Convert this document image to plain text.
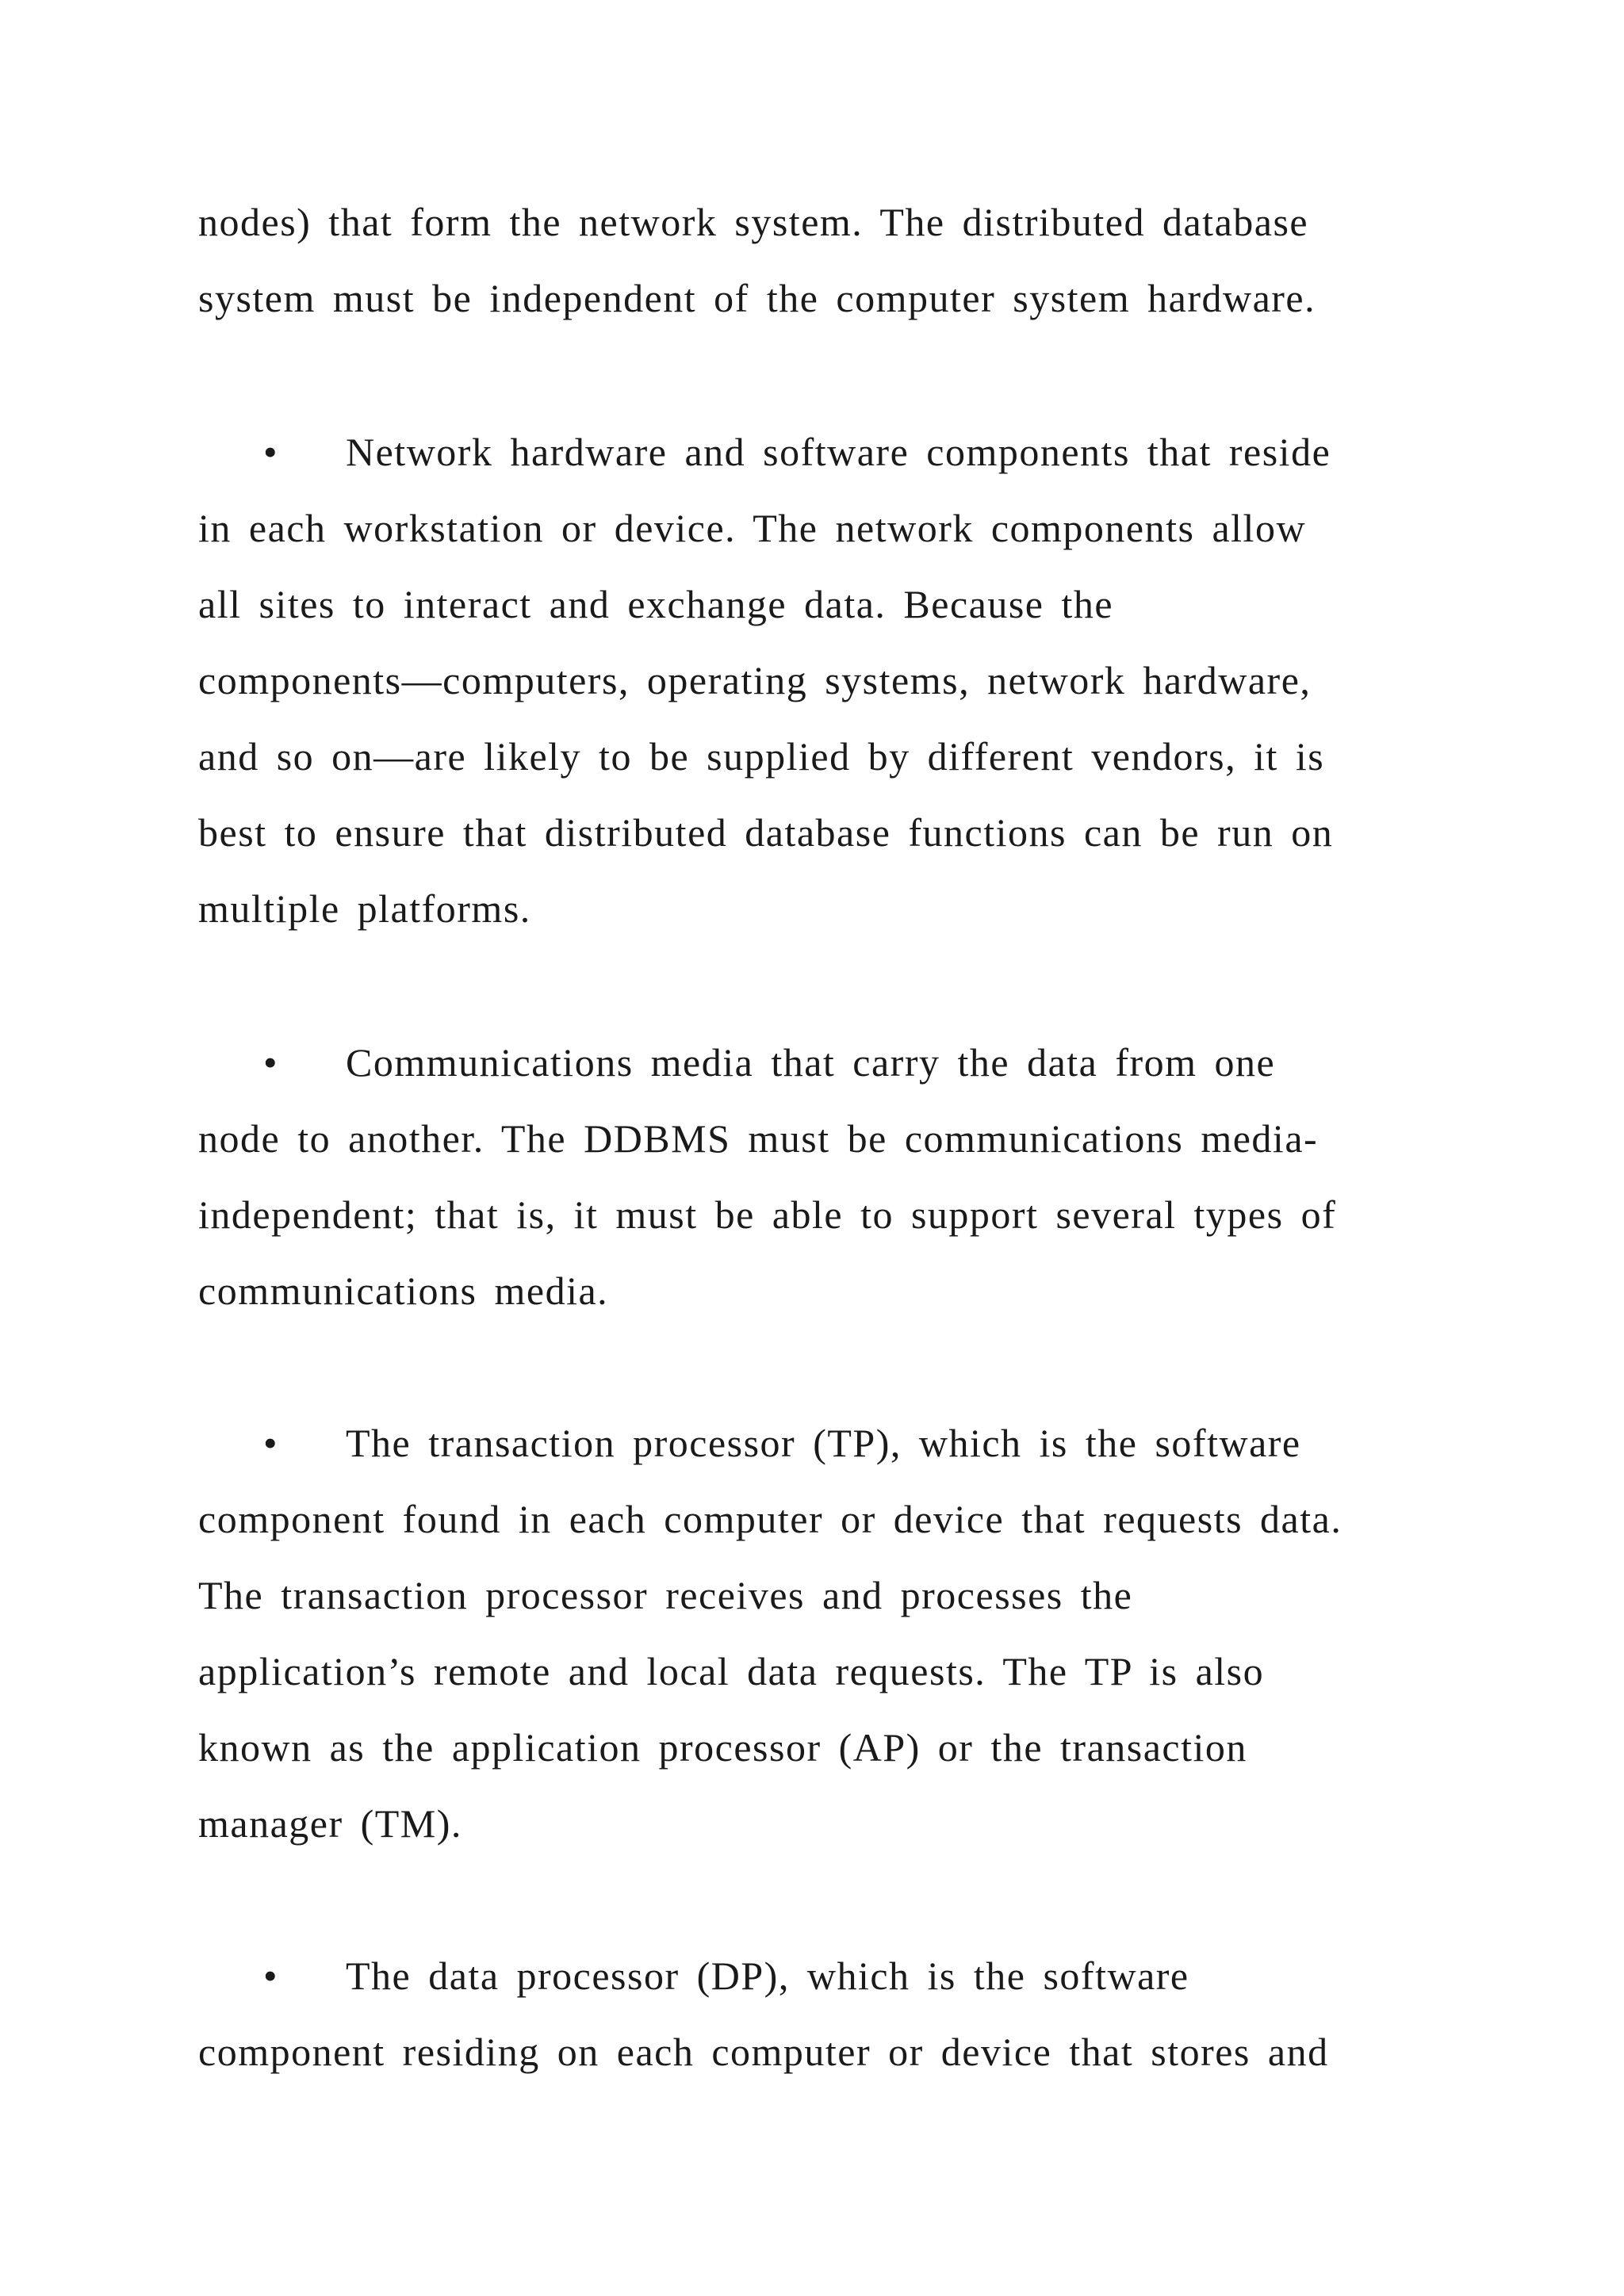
nodes) that form the network system. The distributed database
system must be independent of the computer system hardware.
• Network hardware and software components that reside
in each workstation or device. The network components allow
all sites to interact and exchange data. Because the
components—computers, operating systems, network hardware,
and so on—are likely to be supplied by different vendors, it is
best to ensure that distributed database functions can be run on
multiple platforms.
• Communications media that carry the data from one
node to another. The DDBMS must be communications media-
independent; that is, it must be able to support several types of
communications media.
• The transaction processor (TP), which is the software
component found in each computer or device that requests data.
The transaction processor receives and processes the
application’s remote and local data requests. The TP is also
known as the application processor (AP) or the transaction
manager (TM).
• The data processor (DP), which is the software
component residing on each computer or device that stores and
